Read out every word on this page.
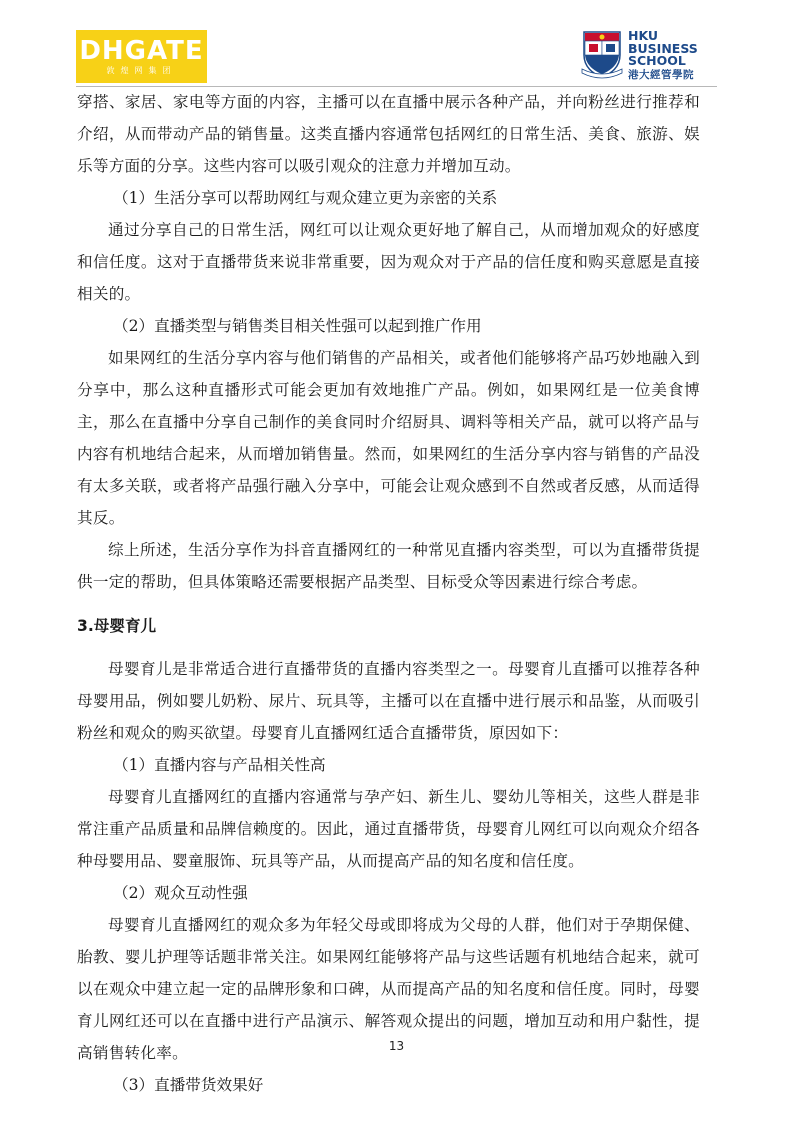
DHGATE
敦煌网集团
HKU
BUSINESS
SCHOOL
港大經管學院

穿搭、家居、家电等方面的内容，主播可以在直播中展示各种产品，并向粉丝进行推荐和介绍，从而带动产品的销售量。这类直播内容通常包括网红的日常生活、美食、旅游、娱乐等方面的分享。这些内容可以吸引观众的注意力并增加互动。

（1）生活分享可以帮助网红与观众建立更为亲密的关系

通过分享自己的日常生活，网红可以让观众更好地了解自己，从而增加观众的好感度和信任度。这对于直播带货来说非常重要，因为观众对于产品的信任度和购买意愿是直接相关的。

（2）直播类型与销售类目相关性强可以起到推广作用

如果网红的生活分享内容与他们销售的产品相关，或者他们能够将产品巧妙地融入到分享中，那么这种直播形式可能会更加有效地推广产品。例如，如果网红是一位美食博主，那么在直播中分享自己制作的美食同时介绍厨具、调料等相关产品，就可以将产品与内容有机地结合起来，从而增加销售量。然而，如果网红的生活分享内容与销售的产品没有太多关联，或者将产品强行融入分享中，可能会让观众感到不自然或者反感，从而适得其反。

综上所述，生活分享作为抖音直播网红的一种常见直播内容类型，可以为直播带货提供一定的帮助，但具体策略还需要根据产品类型、目标受众等因素进行综合考虑。

3.母婴育儿

母婴育儿是非常适合进行直播带货的直播内容类型之一。母婴育儿直播可以推荐各种母婴用品，例如婴儿奶粉、尿片、玩具等，主播可以在直播中进行展示和品鉴，从而吸引粉丝和观众的购买欲望。母婴育儿直播网红适合直播带货，原因如下：

（1）直播内容与产品相关性高

母婴育儿直播网红的直播内容通常与孕产妇、新生儿、婴幼儿等相关，这些人群是非常注重产品质量和品牌信赖度的。因此，通过直播带货，母婴育儿网红可以向观众介绍各种母婴用品、婴童服饰、玩具等产品，从而提高产品的知名度和信任度。

（2）观众互动性强

母婴育儿直播网红的观众多为年轻父母或即将成为父母的人群，他们对于孕期保健、胎教、婴儿护理等话题非常关注。如果网红能够将产品与这些话题有机地结合起来，就可以在观众中建立起一定的品牌形象和口碑，从而提高产品的知名度和信任度。同时，母婴育儿网红还可以在直播中进行产品演示、解答观众提出的问题，增加互动和用户黏性，提高销售转化率。

（3）直播带货效果好

13
